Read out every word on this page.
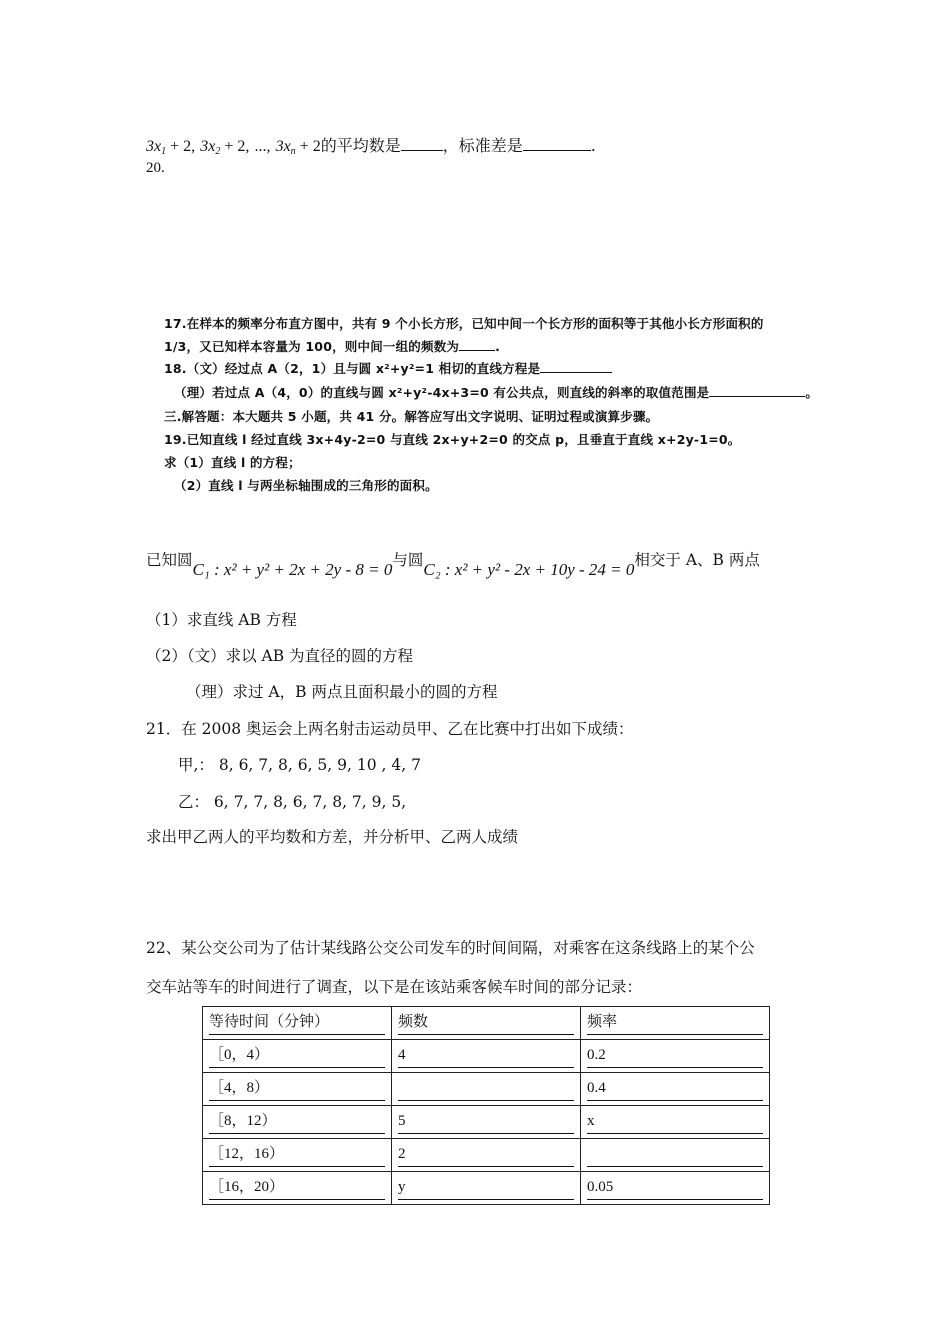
$3x_1 + 2$, $3x_2 + 2$, ..., $3x_n + 2$的平均数是	，标准差是	.
20.
17.在样本的频率分布直方图中，共有 9 个小长方形，已知中间一个长方形的面积等于其他小长方形面积的
1/3，又已知样本容量为 100，则中间一组的频数为	.
18.（文）经过点 A（2，1）且与圆 x²+y²=1 相切的直线方程是
（理）若过点 A（4，0）的直线与圆 x²+y²-4x+3=0 有公共点，则直线的斜率的取值范围是	。
三.解答题：本大题共 5 小题，共 41 分。解答应写出文字说明、证明过程或演算步骤。
19.已知直线 l 经过直线 3x+4y-2=0 与直线 2x+y+2=0 的交点 p，且垂直于直线 x+2y-1=0。
求（1）直线 l 的方程；
（2）直线 l 与两坐标轴围成的三角形的面积。
已知圆C₁ : x² + y² + 2x + 2y - 8 = 0与圆C₂ : x² + y² - 2x + 10y - 24 = 0相交于 A、B 两点
（1）求直线 AB 方程
（2）（文）求以 AB 为直径的圆的方程
（理）求过 A，B 两点且面积最小的圆的方程
21．在 2008 奥运会上两名射击运动员甲、乙在比赛中打出如下成绩：
甲,： 8, 6, 7, 8, 6, 5, 9, 10 , 4, 7
乙： 6, 7, 7, 8, 6, 7, 8, 7, 9, 5,
求出甲乙两人的平均数和方差，并分析甲、乙两人成绩
22、某公交公司为了估计某线路公交公司发车的时间间隔，对乘客在这条线路上的某个公
交车站等车的时间进行了调查，以下是在该站乘客候车时间的部分记录：
等待时间（分钟）	频数	频率

［0，4）	4	0.2

［4，8）		0.4

［8，12）	5	x

［12，16）	2	

［16，20）	y	0.05
